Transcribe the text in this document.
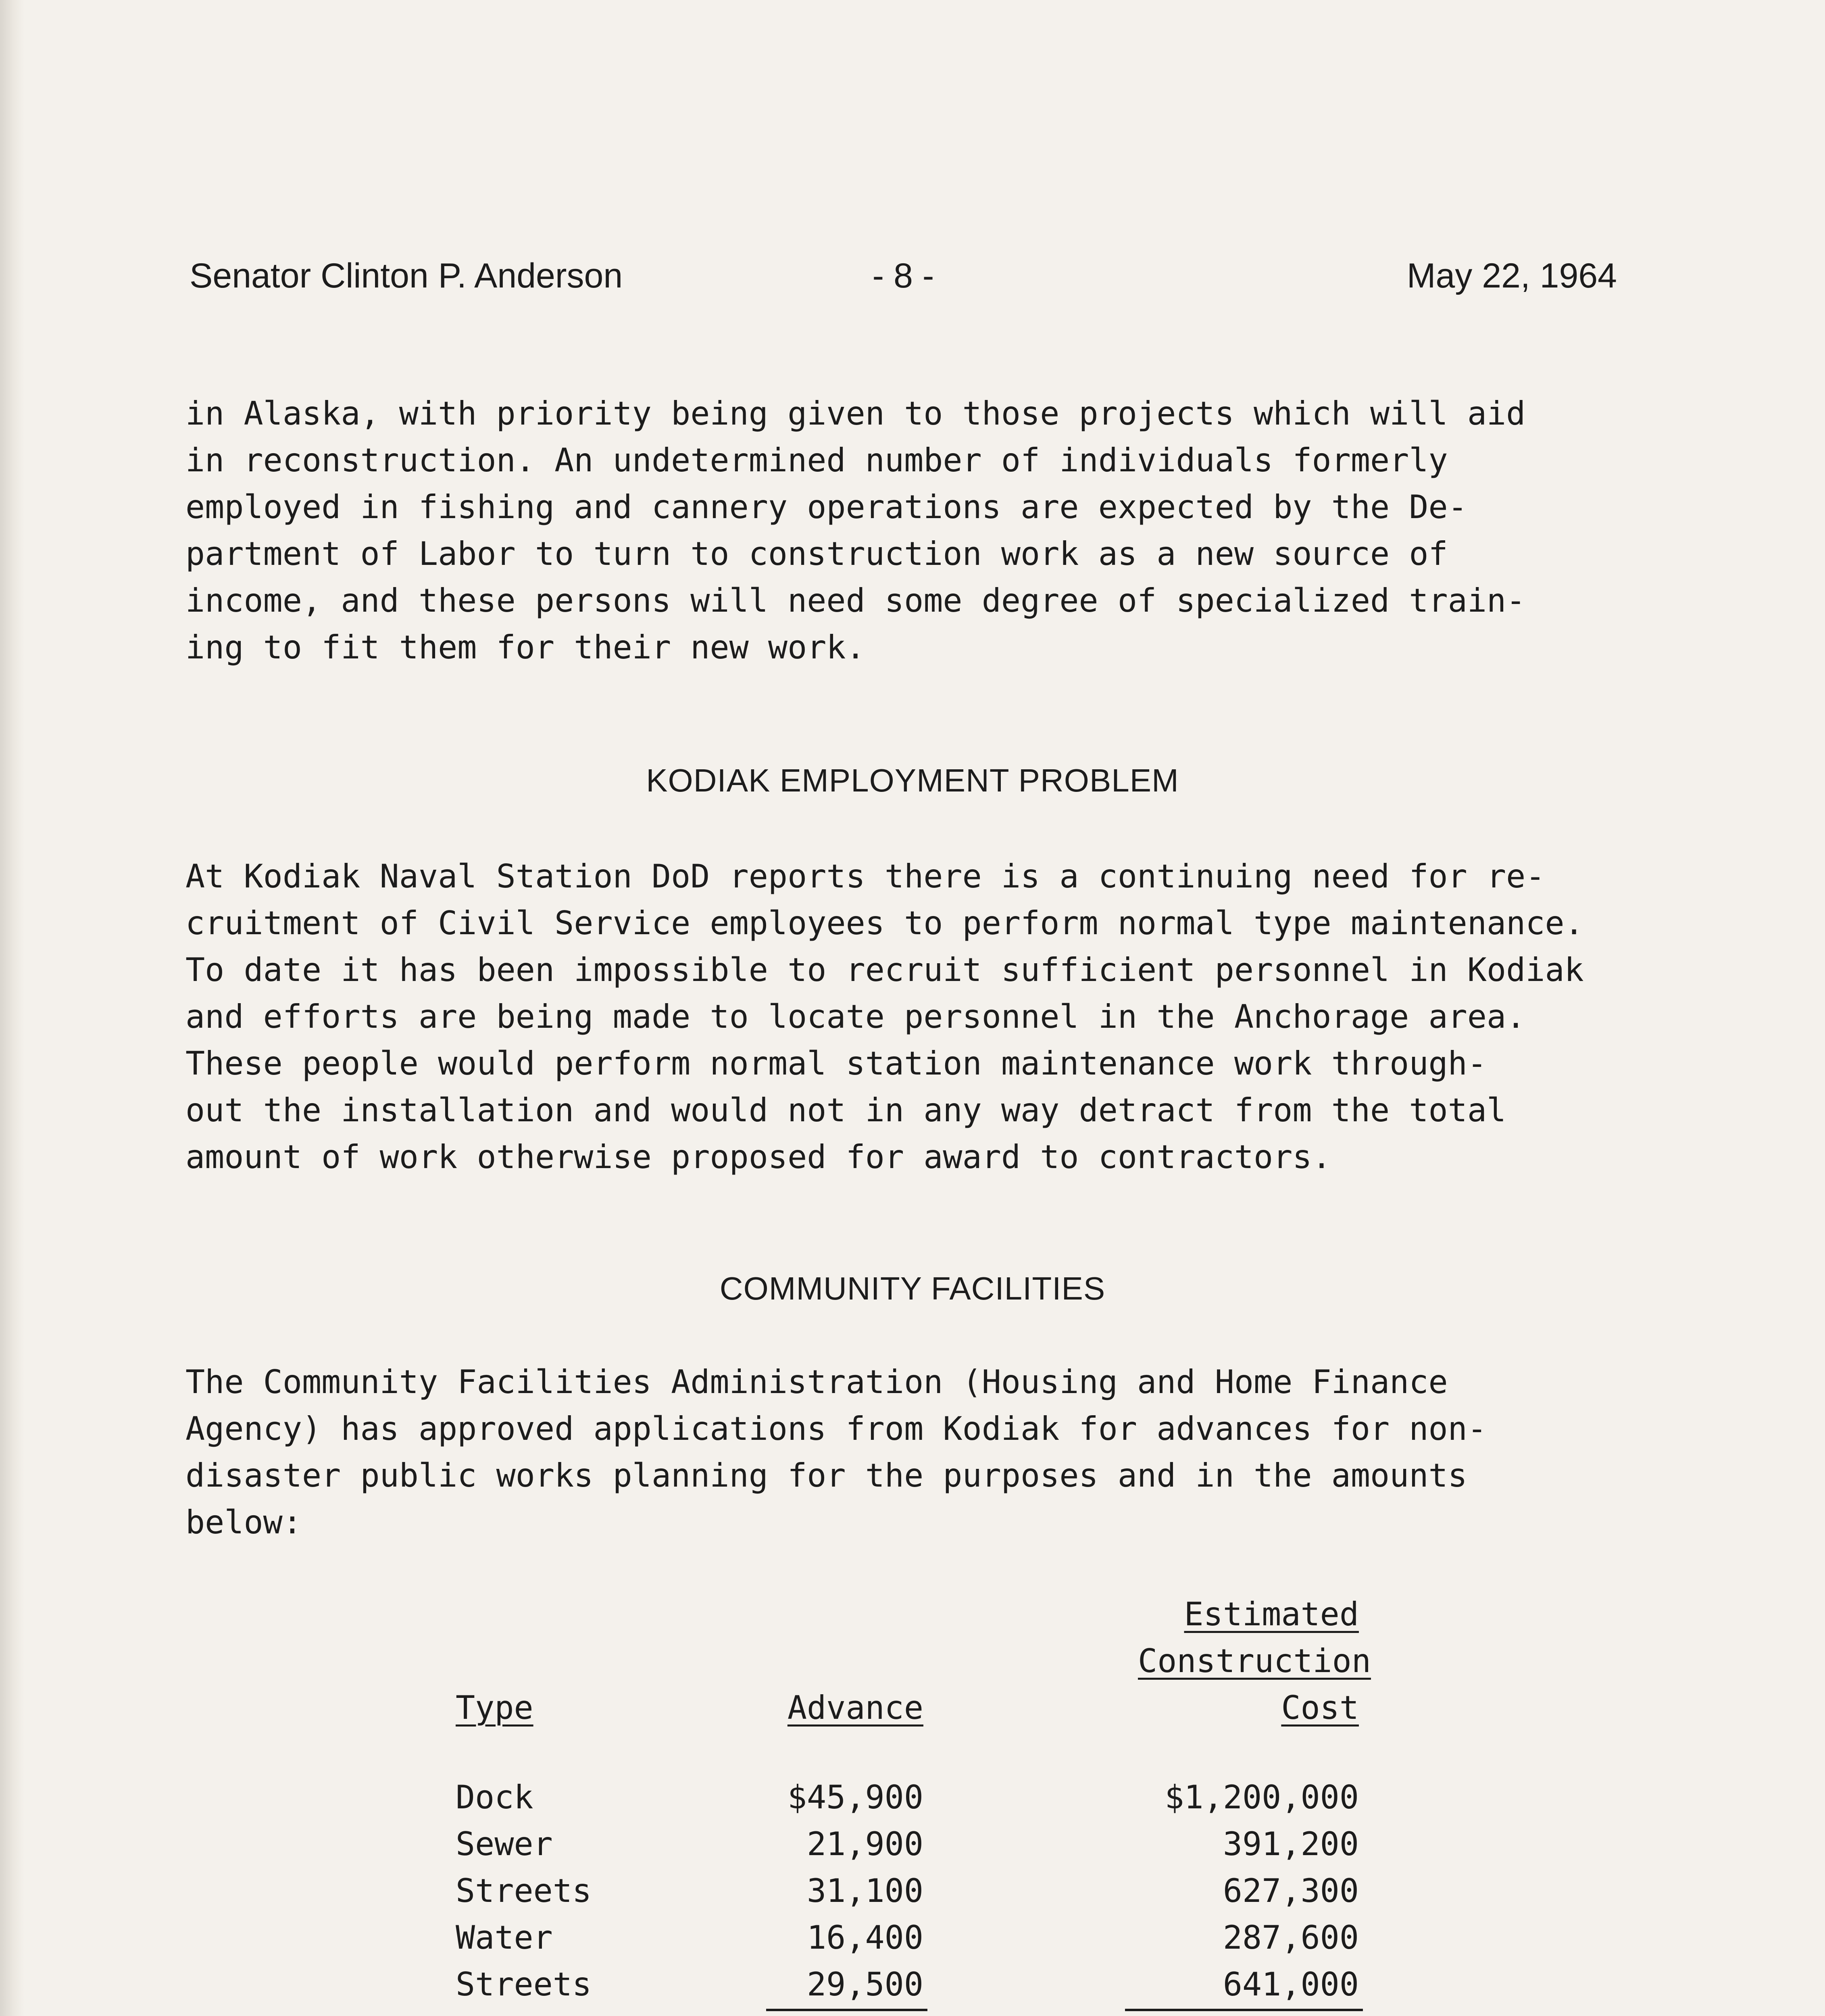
Senator Clinton P. Anderson	- 8 -	May 22, 1964
in Alaska, with priority being given to those projects which will aid
in reconstruction. An undetermined number of individuals formerly
employed in fishing and cannery operations are expected by the De-
partment of Labor to turn to construction work as a new source of
income, and these persons will need some degree of specialized train-
ing to fit them for their new work.
KODIAK EMPLOYMENT PROBLEM
At Kodiak Naval Station DoD reports there is a continuing need for re-
cruitment of Civil Service employees to perform normal type maintenance.
To date it has been impossible to recruit sufficient personnel in Kodiak
and efforts are being made to locate personnel in the Anchorage area.
These people would perform normal station maintenance work through-
out the installation and would not in any way detract from the total
amount of work otherwise proposed for award to contractors.
COMMUNITY FACILITIES
The Community Facilities Administration (Housing and Home Finance
Agency) has approved applications from Kodiak for advances for non-
disaster public works planning for the purposes and in the amounts
below:
Estimated
Construction
Type	Advance	Cost
Dock	$45,900	$1,200,000
Sewer	21,900	391,200
Streets	31,100	627,300
Water	16,400	287,600
Streets	29,500	641,000
